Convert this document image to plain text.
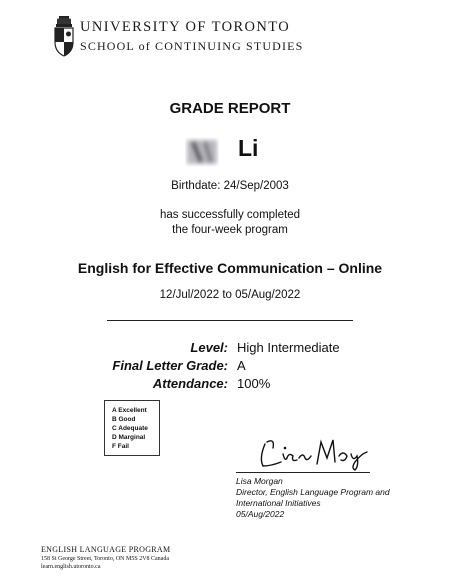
UNIVERSITY OF TORONTO
SCHOOL of CONTINUING STUDIES
GRADE REPORT
Li
Birthdate: 24/Sep/2003
has successfully completed
the four-week program
English for Effective Communication – Online
12/Jul/2022 to 05/Aug/2022
Level: High Intermediate
Final Letter Grade: A
Attendance: 100%
A Excellent
B Good
C Adequate
D Marginal
F Fail
Lisa Morgan
Director, English Language Program and
International Initiatives
05/Aug/2022
ENGLISH LANGUAGE PROGRAM
158 St George Street, Toronto, ON M5S 2V8 Canada
learn.english.utoronto.ca
